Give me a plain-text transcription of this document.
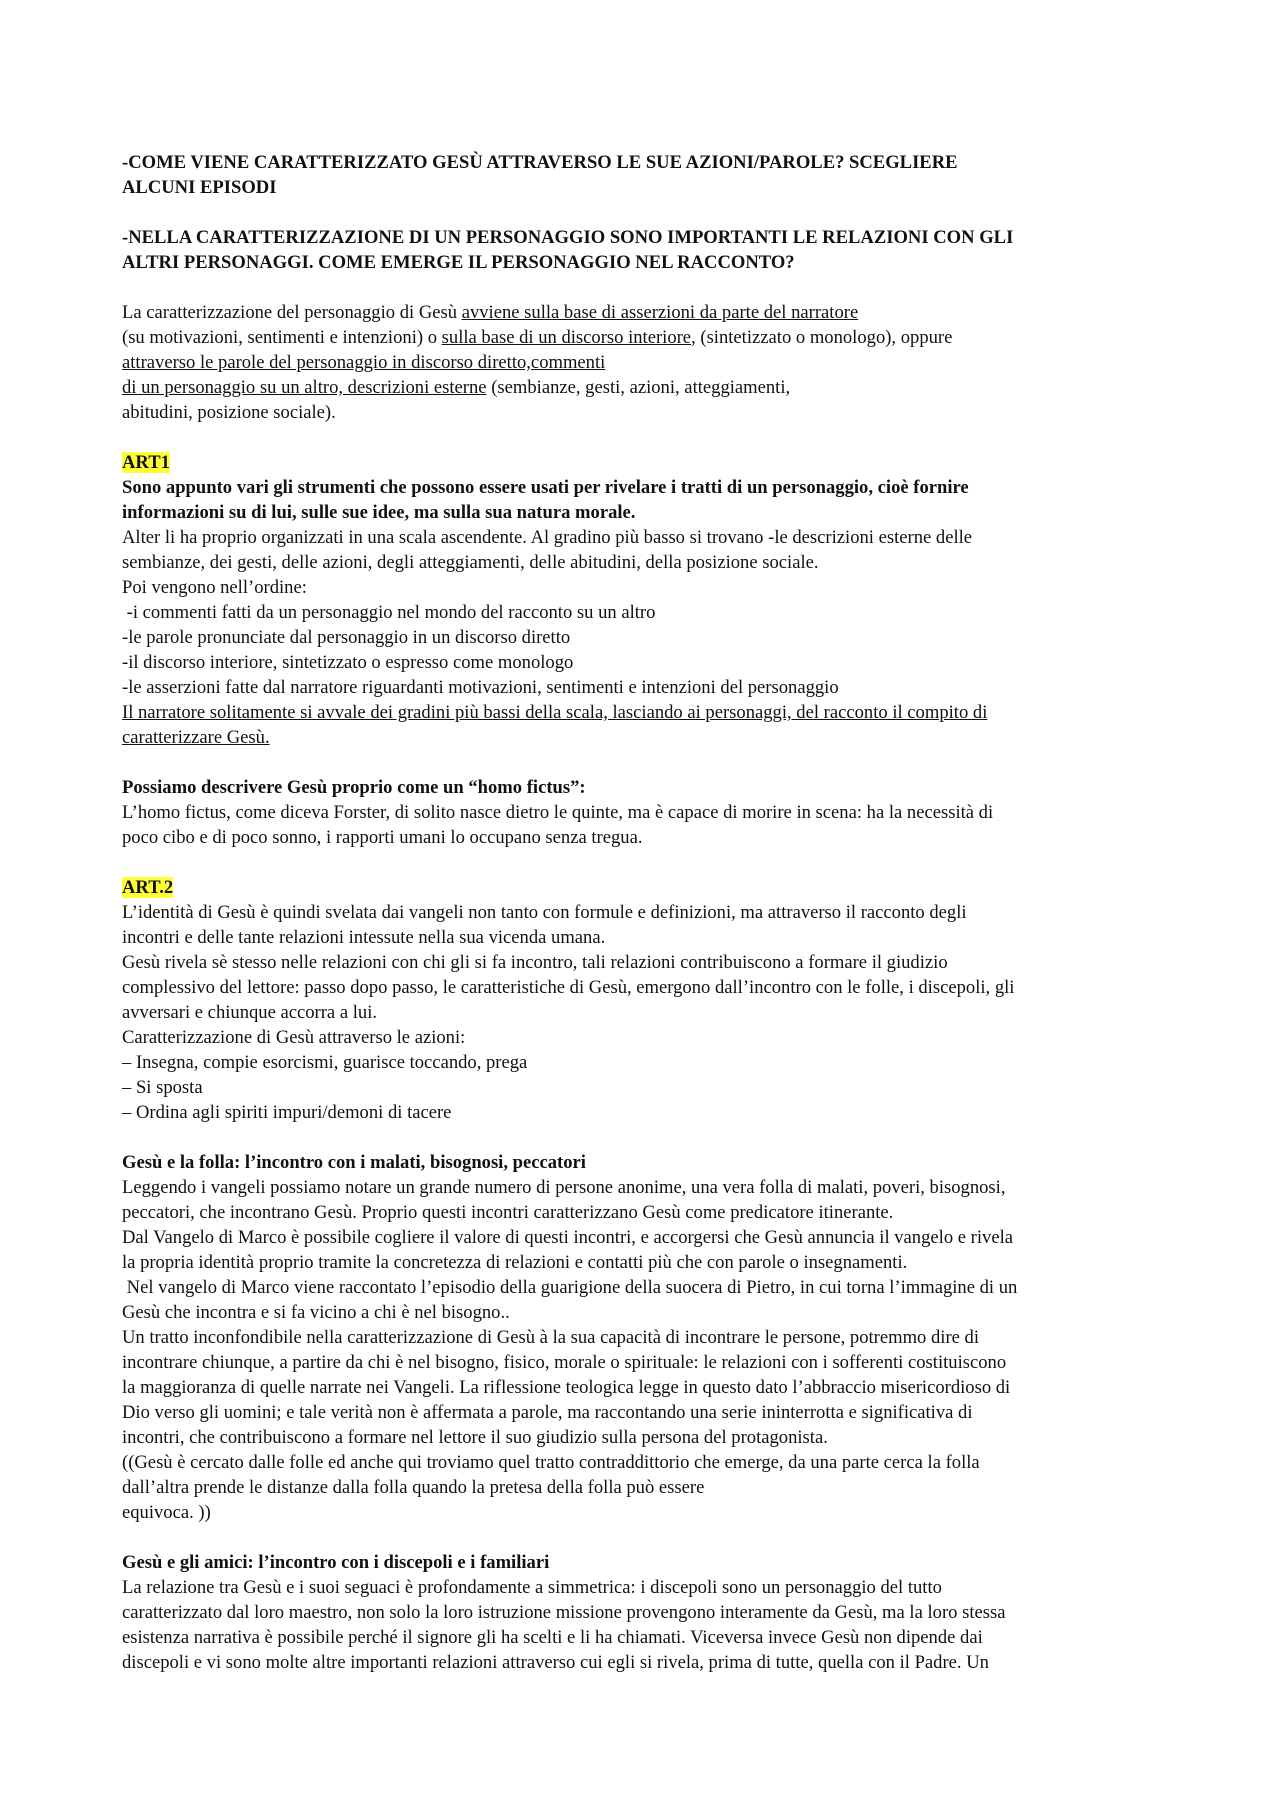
-COME VIENE CARATTERIZZATO GESÙ ATTRAVERSO LE SUE AZIONI/PAROLE? SCEGLIERE

ALCUNI EPISODI

-NELLA CARATTERIZZAZIONE DI UN PERSONAGGIO SONO IMPORTANTI LE RELAZIONI CON GLI

ALTRI PERSONAGGI. COME EMERGE IL PERSONAGGIO NEL RACCONTO?

La caratterizzazione del personaggio di Gesù avviene sulla base di asserzioni da parte del narratore

(su motivazioni, sentimenti e intenzioni) o sulla base di un discorso interiore, (sintetizzato o monologo), oppure

attraverso le parole del personaggio in discorso diretto,commenti

di un personaggio su un altro, descrizioni esterne (sembianze, gesti, azioni, atteggiamenti,

abitudini, posizione sociale).

ART1

Sono appunto vari gli strumenti che possono essere usati per rivelare i tratti di un personaggio, cioè fornire

informazioni su di lui, sulle sue idee, ma sulla sua natura morale.

Alter li ha proprio organizzati in una scala ascendente. Al gradino più basso si trovano -le descrizioni esterne delle

sembianze, dei gesti, delle azioni, degli atteggiamenti, delle abitudini, della posizione sociale.

Poi vengono nell’ordine:

-i commenti fatti da un personaggio nel mondo del racconto su un altro

-le parole pronunciate dal personaggio in un discorso diretto

-il discorso interiore, sintetizzato o espresso come monologo

-le asserzioni fatte dal narratore riguardanti motivazioni, sentimenti e intenzioni del personaggio

Il narratore solitamente si avvale dei gradini più bassi della scala, lasciando ai personaggi, del racconto il compito di

caratterizzare Gesù.

Possiamo descrivere Gesù proprio come un “homo fictus”:

L’homo fictus, come diceva Forster, di solito nasce dietro le quinte, ma è capace di morire in scena: ha la necessità di

poco cibo e di poco sonno, i rapporti umani lo occupano senza tregua.

ART.2

L’identità di Gesù è quindi svelata dai vangeli non tanto con formule e definizioni, ma attraverso il racconto degli

incontri e delle tante relazioni intessute nella sua vicenda umana.

Gesù rivela sè stesso nelle relazioni con chi gli si fa incontro, tali relazioni contribuiscono a formare il giudizio

complessivo del lettore: passo dopo passo, le caratteristiche di Gesù, emergono dall’incontro con le folle, i discepoli, gli

avversari e chiunque accorra a lui.

Caratterizzazione di Gesù attraverso le azioni:

– Insegna, compie esorcismi, guarisce toccando, prega

– Si sposta

– Ordina agli spiriti impuri/demoni di tacere

Gesù e la folla: l’incontro con i malati, bisognosi, peccatori

Leggendo i vangeli possiamo notare un grande numero di persone anonime, una vera folla di malati, poveri, bisognosi,

peccatori, che incontrano Gesù. Proprio questi incontri caratterizzano Gesù come predicatore itinerante.

Dal Vangelo di Marco è possibile cogliere il valore di questi incontri, e accorgersi che Gesù annuncia il vangelo e rivela

la propria identità proprio tramite la concretezza di relazioni e contatti più che con parole o insegnamenti.

Nel vangelo di Marco viene raccontato l’episodio della guarigione della suocera di Pietro, in cui torna l’immagine di un

Gesù che incontra e si fa vicino a chi è nel bisogno..

Un tratto inconfondibile nella caratterizzazione di Gesù à la sua capacità di incontrare le persone, potremmo dire di

incontrare chiunque, a partire da chi è nel bisogno, fisico, morale o spirituale: le relazioni con i sofferenti costituiscono

la maggioranza di quelle narrate nei Vangeli. La riflessione teologica legge in questo dato l’abbraccio misericordioso di

Dio verso gli uomini; e tale verità non è affermata a parole, ma raccontando una serie ininterrotta e significativa di

incontri, che contribuiscono a formare nel lettore il suo giudizio sulla persona del protagonista.

((Gesù è cercato dalle folle ed anche qui troviamo quel tratto contraddittorio che emerge, da una parte cerca la folla

dall’altra prende le distanze dalla folla quando la pretesa della folla può essere

equivoca. ))

Gesù e gli amici: l’incontro con i discepoli e i familiari

La relazione tra Gesù e i suoi seguaci è profondamente a simmetrica: i discepoli sono un personaggio del tutto

caratterizzato dal loro maestro, non solo la loro istruzione missione provengono interamente da Gesù, ma la loro stessa

esistenza narrativa è possibile perché il signore gli ha scelti e li ha chiamati. Viceversa invece Gesù non dipende dai

discepoli e vi sono molte altre importanti relazioni attraverso cui egli si rivela, prima di tutte, quella con il Padre. Un
